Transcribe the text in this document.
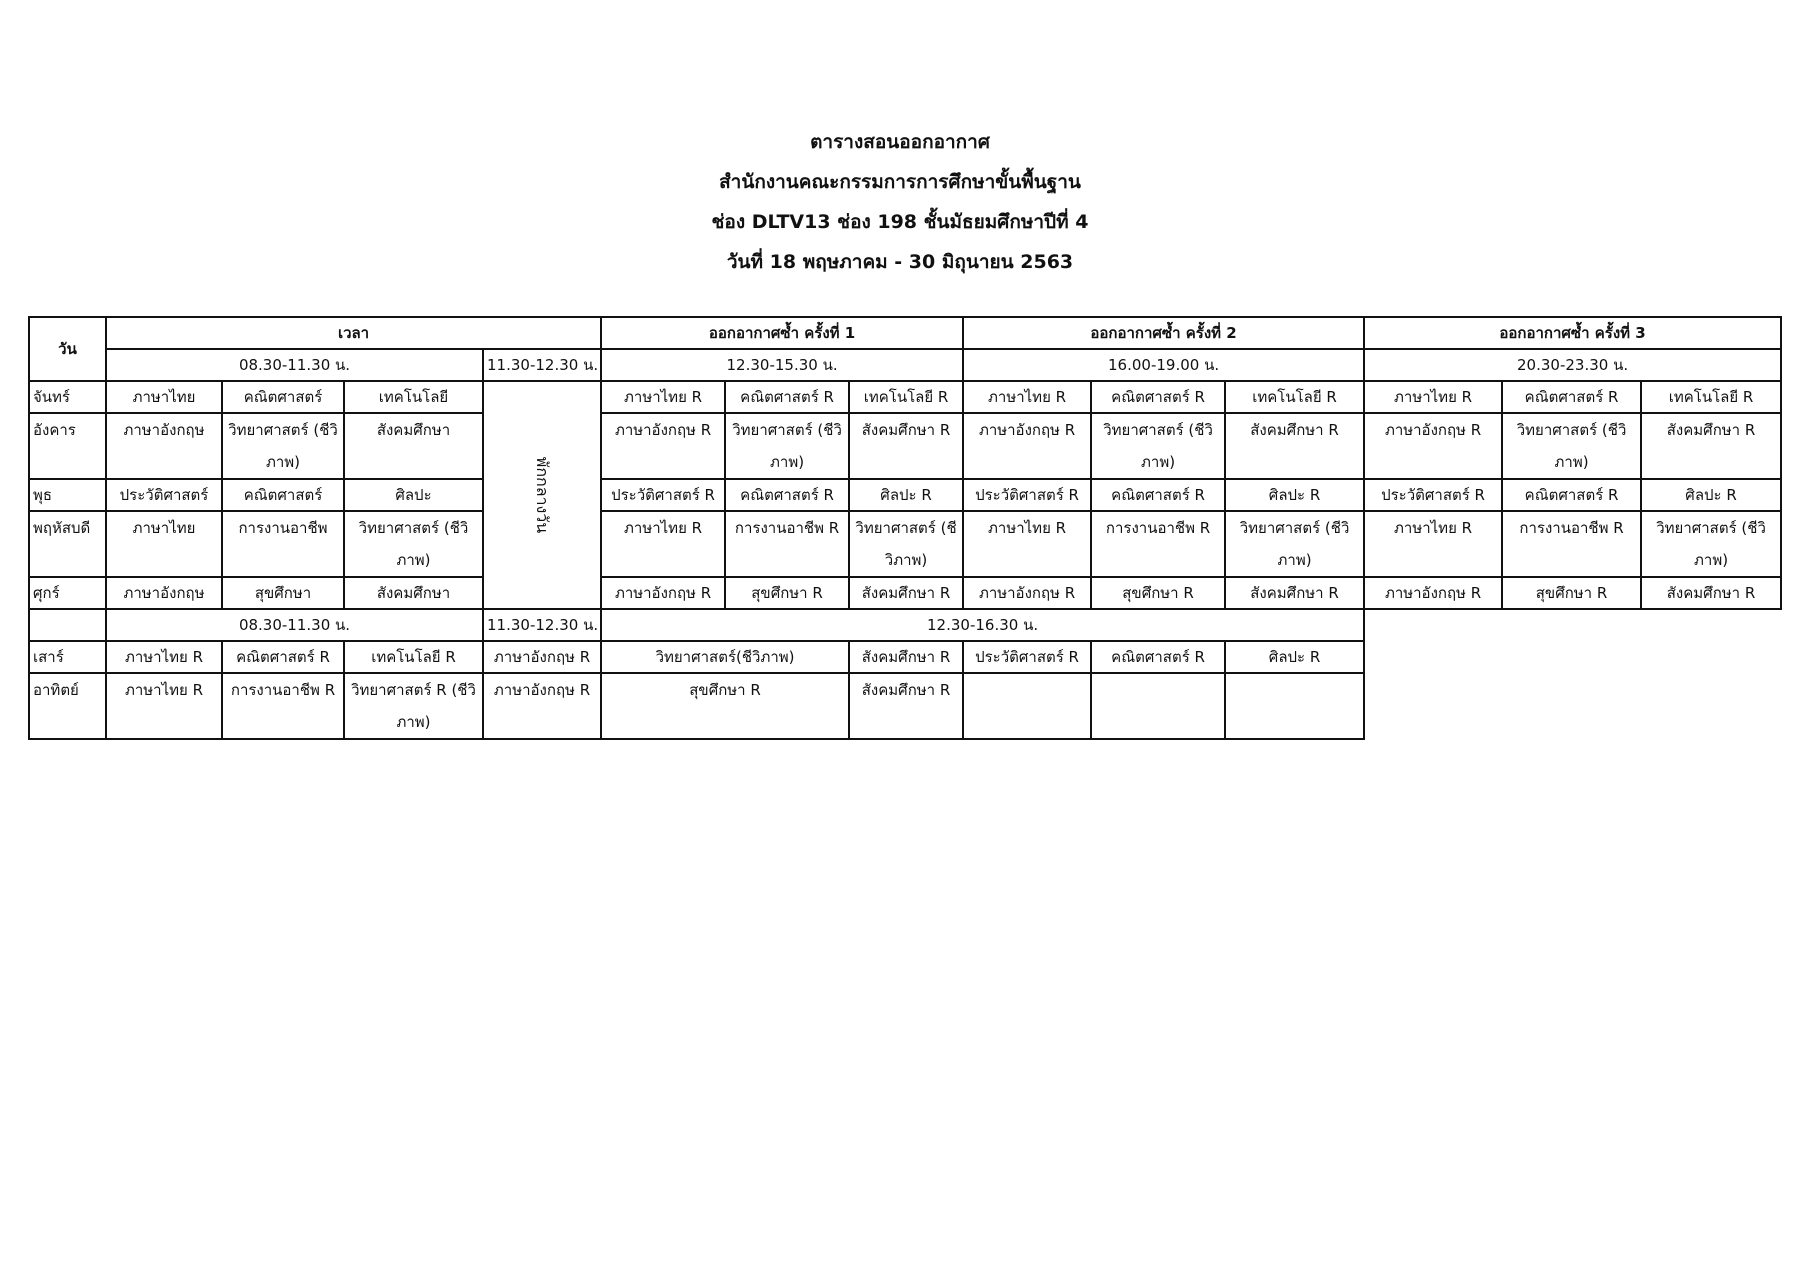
ตารางสอนออกอากาศ
สำนักงานคณะกรรมการการศึกษาขั้นพื้นฐาน
ช่อง DLTV13 ช่อง 198 ชั้นมัธยมศึกษาปีที่ 4
วันที่ 18 พฤษภาคม - 30 มิถุนายน 2563
วัน	เวลา				ออกอากาศซ้ำ ครั้งที่ 1			ออกอากาศซ้ำ ครั้งที่ 2			ออกอากาศซ้ำ ครั้งที่ 3		
	08.30-11.30 น.			11.30-12.30 น.	12.30-15.30 น.			16.00-19.00 น.			20.30-23.30 น.		
จันทร์	ภาษาไทย	คณิตศาสตร์	เทคโนโลยี	พักกลางวัน	ภาษาไทย R	คณิตศาสตร์ R	เทคโนโลยี R	ภาษาไทย R	คณิตศาสตร์ R	เทคโนโลยี R	ภาษาไทย R	คณิตศาสตร์ R	เทคโนโลยี R
อังคาร	ภาษาอังกฤษ	วิทยาศาสตร์ (ชีวิภาพ)	สังคมศึกษา		ภาษาอังกฤษ R	วิทยาศาสตร์ (ชีวิภาพ)	สังคมศึกษา R	ภาษาอังกฤษ R	วิทยาศาสตร์ (ชีวิภาพ)	สังคมศึกษา R	ภาษาอังกฤษ R	วิทยาศาสตร์ (ชีวิภาพ)	สังคมศึกษา R
พุธ	ประวัติศาสตร์	คณิตศาสตร์	ศิลปะ		ประวัติศาสตร์ R	คณิตศาสตร์ R	ศิลปะ R	ประวัติศาสตร์ R	คณิตศาสตร์ R	ศิลปะ R	ประวัติศาสตร์ R	คณิตศาสตร์ R	ศิลปะ R
พฤหัสบดี	ภาษาไทย	การงานอาชีพ	วิทยาศาสตร์ (ชีวิภาพ)		ภาษาไทย R	การงานอาชีพ R	วิทยาศาสตร์ (ชีวิภาพ)	ภาษาไทย R	การงานอาชีพ R	วิทยาศาสตร์ (ชีวิภาพ)	ภาษาไทย R	การงานอาชีพ R	วิทยาศาสตร์ (ชีวิภาพ)
ศุกร์	ภาษาอังกฤษ	สุขศึกษา	สังคมศึกษา		ภาษาอังกฤษ R	สุขศึกษา R	สังคมศึกษา R	ภาษาอังกฤษ R	สุขศึกษา R	สังคมศึกษา R	ภาษาอังกฤษ R	สุขศึกษา R	สังคมศึกษา R
	08.30-11.30 น.			11.30-12.30 น.	12.30-16.30 น.								
เสาร์	ภาษาไทย R	คณิตศาสตร์ R	เทคโนโลยี R	ภาษาอังกฤษ R	วิทยาศาสตร์(ชีวิภาพ)		สังคมศึกษา R	ประวัติศาสตร์ R	คณิตศาสตร์ R	ศิลปะ R			
อาทิตย์	ภาษาไทย R	การงานอาชีพ R	วิทยาศาสตร์ R (ชีวิภาพ)	ภาษาอังกฤษ R	สุขศึกษา R		สังคมศึกษา R						
